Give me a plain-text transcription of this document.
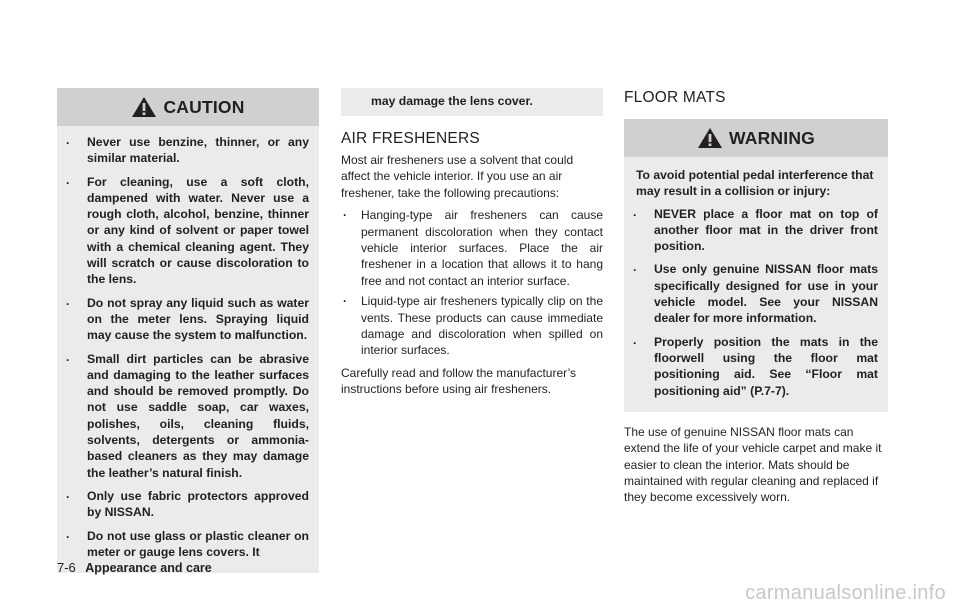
CAUTION
. Never use benzine, thinner, or any similar material.
. For cleaning, use a soft cloth, dampened with water. Never use a rough cloth, alcohol, benzine, thinner or any kind of solvent or paper towel with a chemical cleaning agent. They will scratch or cause discoloration to the lens.
. Do not spray any liquid such as water on the meter lens. Spraying liquid may cause the system to malfunction.
. Small dirt particles can be abrasive and damaging to the leather surfaces and should be removed promptly. Do not use saddle soap, car waxes, polishes, oils, cleaning fluids, solvents, detergents or ammonia-based cleaners as they may damage the leather’s natural finish.
. Only use fabric protectors approved by NISSAN.
. Do not use glass or plastic cleaner on meter or gauge lens covers. It
may damage the lens cover.
AIR FRESHENERS

Most air fresheners use a solvent that could affect the vehicle interior. If you use an air freshener, take the following precautions:

. Hanging-type air fresheners can cause permanent discoloration when they contact vehicle interior surfaces. Place the air freshener in a location that allows it to hang free and not contact an interior surface.
. Liquid-type air fresheners typically clip on the vents. These products can cause immediate damage and discoloration when spilled on interior surfaces.

Carefully read and follow the manufacturer’s instructions before using air fresheners.

FLOOR MATS
WARNING

To avoid potential pedal interference that may result in a collision or injury:

. NEVER place a floor mat on top of another floor mat in the driver front position.
. Use only genuine NISSAN floor mats specifically designed for use in your vehicle model. See your NISSAN dealer for more information.
. Properly position the mats in the floorwell using the floor mat positioning aid. See “Floor mat positioning aid” (P.7-7).

The use of genuine NISSAN floor mats can extend the life of your vehicle carpet and make it easier to clean the interior. Mats should be maintained with regular cleaning and replaced if they become excessively worn.

7-6 Appearance and care
carmanualsonline.info
